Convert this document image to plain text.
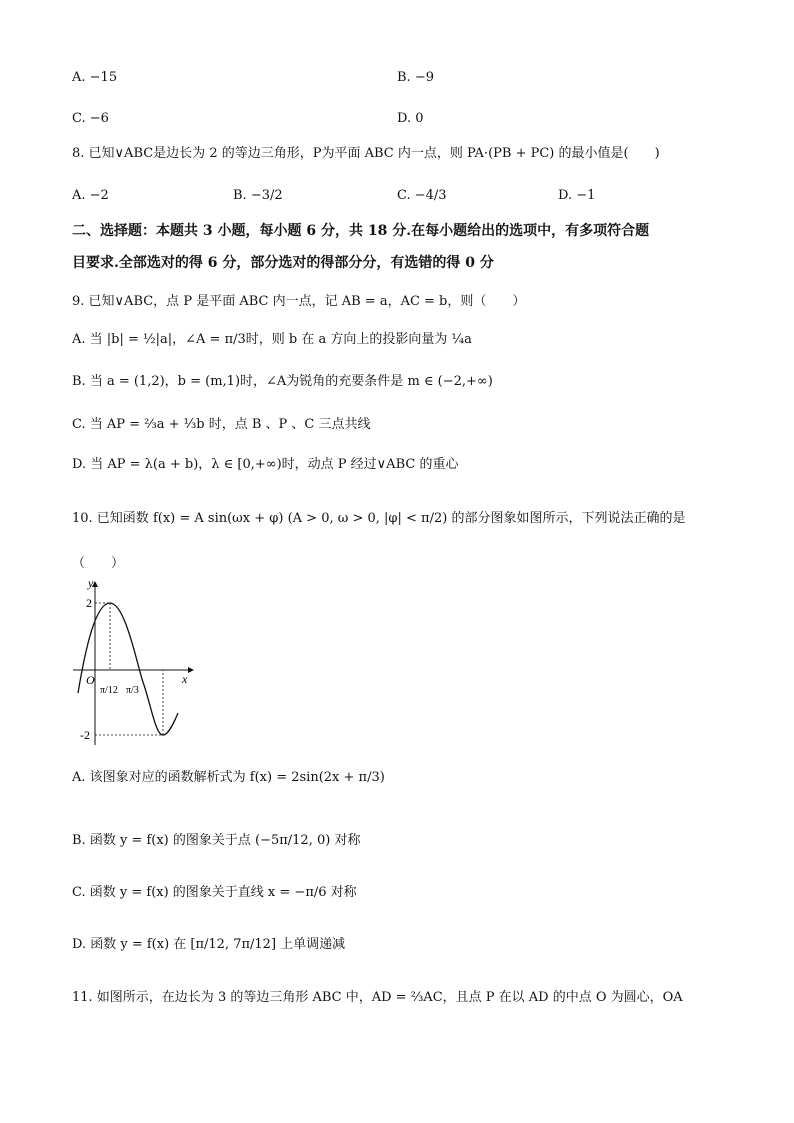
A. −15	B. −9
C. −6	D. 0
8. 已知∨ABC是边长为 2 的等边三角形，P为平面 ABC 内一点，则 PA·(PB + PC) 的最小值是(　　)
A. −2	B. −3/2	C. −4/3	D. −1
二、选择题：本题共 3 小题，每小题 6 分，共 18 分.在每小题给出的选项中，有多项符合题
目要求.全部选对的得 6 分，部分选对的得部分分，有选错的得 0 分
9. 已知∨ABC，点 P 是平面 ABC 内一点，记 AB = a，AC = b，则（　　）
A. 当 |b| = ½|a|，∠A = π/3时，则 b 在 a 方向上的投影向量为 ¼a
B. 当 a = (1,2)，b = (m,1)时，∠A为锐角的充要条件是 m ∈ (−2,+∞)
C. 当 AP = ⅔a + ⅓b 时，点 B 、P 、C 三点共线
D. 当 AP = λ(a + b)，λ ∈ [0,+∞)时，动点 P 经过∨ABC 的重心
10. 已知函数 f(x) = A sin(ωx + φ) (A > 0, ω > 0, |φ| < π/2) 的部分图象如图所示，下列说法正确的是
（　　）
y
x
O
2
-2
π/12 π/3
A. 该图象对应的函数解析式为 f(x) = 2sin(2x + π/3)
B. 函数 y = f(x) 的图象关于点 (−5π/12, 0) 对称
C. 函数 y = f(x) 的图象关于直线 x = −π/6 对称
D. 函数 y = f(x) 在 [π/12, 7π/12] 上单调递减
11. 如图所示，在边长为 3 的等边三角形 ABC 中，AD = ⅔AC，且点 P 在以 AD 的中点 O 为圆心，OA
